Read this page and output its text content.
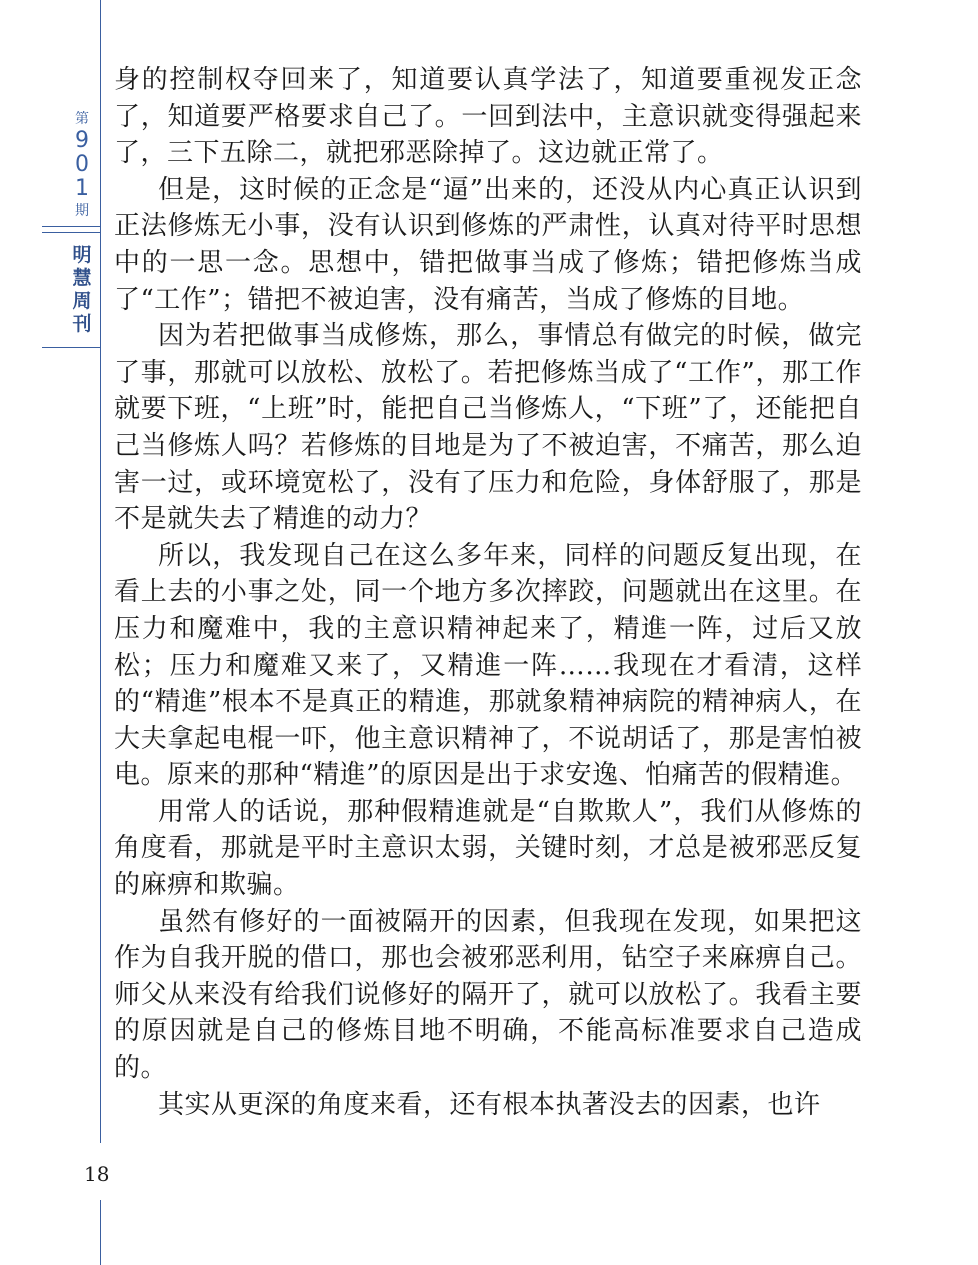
第
9
0
1
期
明
慧
周
刊

身的控制权夺回来了，知道要认真学法了，知道要重视发正念了，知道要严格要求自己了。一回到法中，主意识就变得强起来了，三下五除二，就把邪恶除掉了。这边就正常了。

但是，这时候的正念是“逼”出来的，还没从内心真正认识到正法修炼无小事，没有认识到修炼的严肃性，认真对待平时思想中的一思一念。思想中，错把做事当成了修炼；错把修炼当成了“工作”；错把不被迫害，没有痛苦，当成了修炼的目地。

因为若把做事当成修炼，那么，事情总有做完的时候，做完了事，那就可以放松、放松了。若把修炼当成了“工作”，那工作就要下班，“上班”时，能把自己当修炼人，“下班”了，还能把自己当修炼人吗？若修炼的目地是为了不被迫害，不痛苦，那么迫害一过，或环境宽松了，没有了压力和危险，身体舒服了，那是不是就失去了精進的动力？

所以，我发现自己在这么多年来，同样的问题反复出现，在看上去的小事之处，同一个地方多次摔跤，问题就出在这里。在压力和魔难中，我的主意识精神起来了，精進一阵，过后又放松；压力和魔难又来了，又精進一阵……我现在才看清，这样的“精進”根本不是真正的精進，那就象精神病院的精神病人，在大夫拿起电棍一吓，他主意识精神了，不说胡话了，那是害怕被电。原来的那种“精進”的原因是出于求安逸、怕痛苦的假精進。

用常人的话说，那种假精進就是“自欺欺人”，我们从修炼的角度看，那就是平时主意识太弱，关键时刻，才总是被邪恶反复的麻痹和欺骗。

虽然有修好的一面被隔开的因素，但我现在发现，如果把这作为自我开脱的借口，那也会被邪恶利用，钻空子来麻痹自己。师父从来没有给我们说修好的隔开了，就可以放松了。我看主要的原因就是自己的修炼目地不明确，不能高标准要求自己造成的。

其实从更深的角度来看，还有根本执著没去的因素，也许

18
